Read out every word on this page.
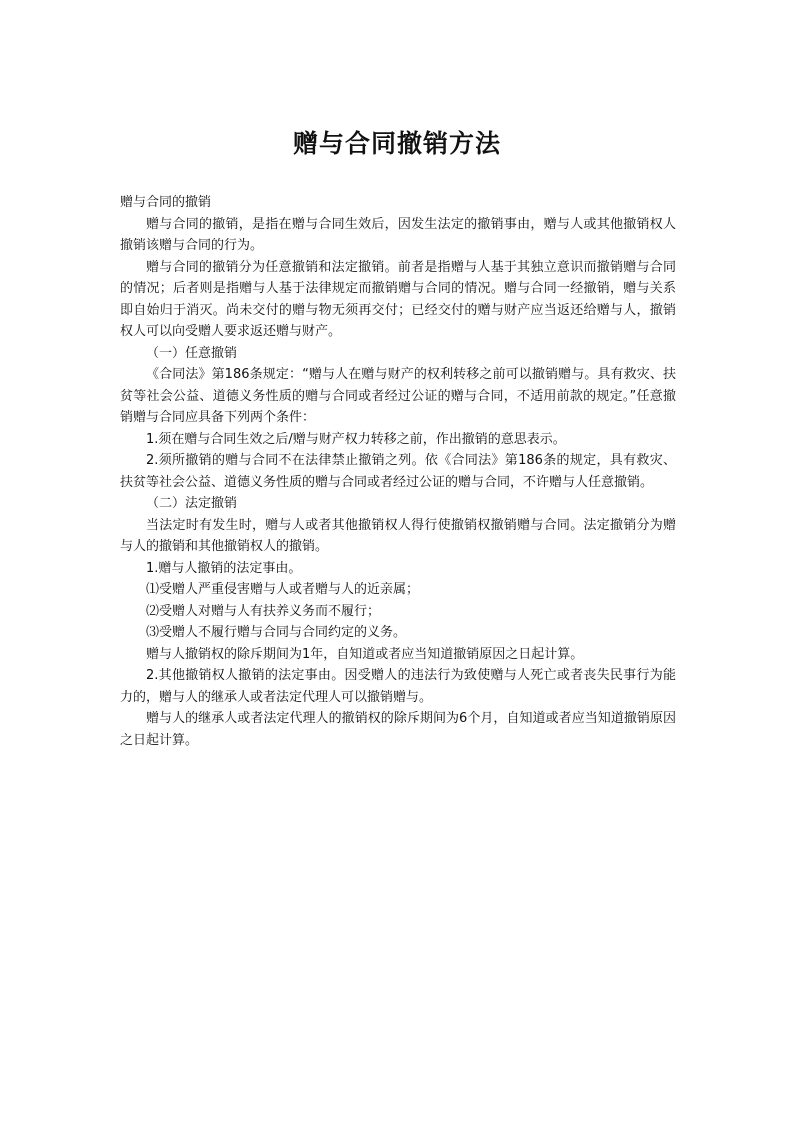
赠与合同撤销方法

赠与合同的撤销

赠与合同的撤销，是指在赠与合同生效后，因发生法定的撤销事由，赠与人或其他撤销权人撤销该赠与合同的行为。

赠与合同的撤销分为任意撤销和法定撤销。前者是指赠与人基于其独立意识而撤销赠与合同的情况；后者则是指赠与人基于法律规定而撤销赠与合同的情况。赠与合同一经撤销，赠与关系即自始归于消灭。尚未交付的赠与物无须再交付；已经交付的赠与财产应当返还给赠与人，撤销权人可以向受赠人要求返还赠与财产。

（一）任意撤销

《合同法》第186条规定：“赠与人在赠与财产的权利转移之前可以撤销赠与。具有救灾、扶贫等社会公益、道德义务性质的赠与合同或者经过公证的赠与合同，不适用前款的规定。”任意撤销赠与合同应具备下列两个条件：

1.须在赠与合同生效之后/赠与财产权力转移之前，作出撤销的意思表示。

2.须所撤销的赠与合同不在法律禁止撤销之列。依《合同法》第186条的规定，具有救灾、扶贫等社会公益、道德义务性质的赠与合同或者经过公证的赠与合同，不许赠与人任意撤销。

（二）法定撤销

当法定时有发生时，赠与人或者其他撤销权人得行使撤销权撤销赠与合同。法定撤销分为赠与人的撤销和其他撤销权人的撤销。

1.赠与人撤销的法定事由。

⑴受赠人严重侵害赠与人或者赠与人的近亲属；

⑵受赠人对赠与人有扶养义务而不履行；

⑶受赠人不履行赠与合同与合同约定的义务。

赠与人撤销权的除斥期间为1年，自知道或者应当知道撤销原因之日起计算。

2.其他撤销权人撤销的法定事由。因受赠人的违法行为致使赠与人死亡或者丧失民事行为能力的，赠与人的继承人或者法定代理人可以撤销赠与。

赠与人的继承人或者法定代理人的撤销权的除斥期间为6个月，自知道或者应当知道撤销原因之日起计算。
